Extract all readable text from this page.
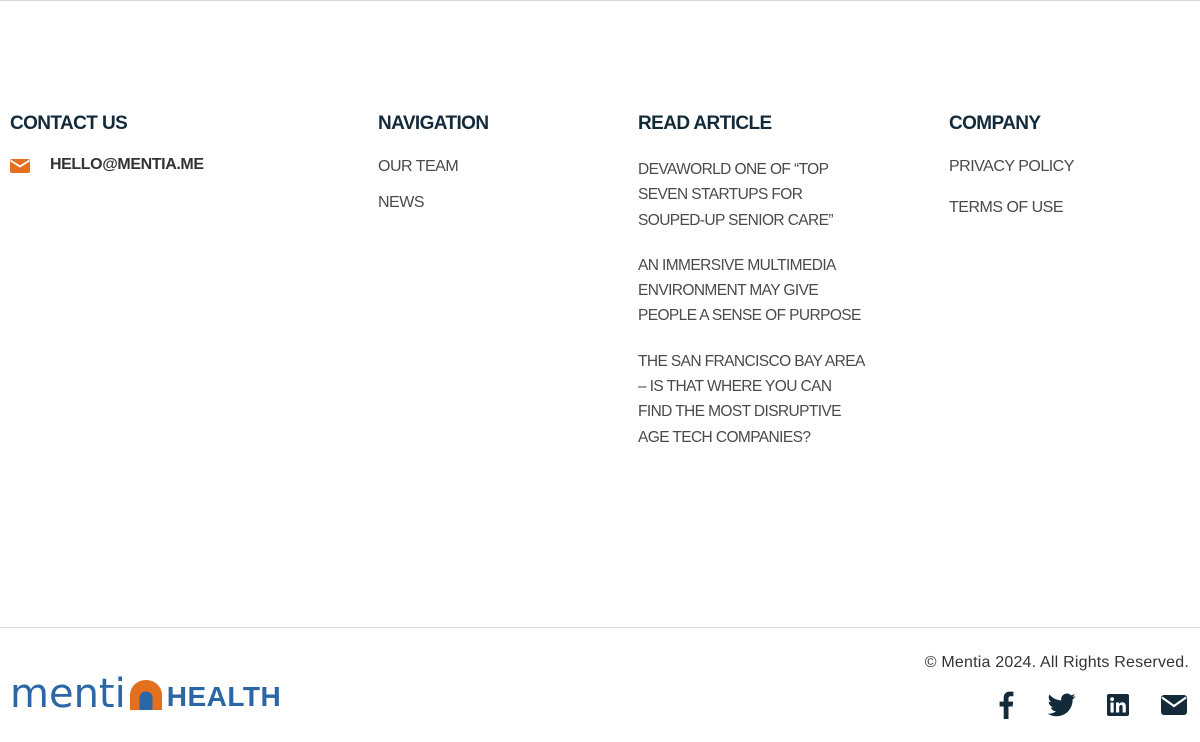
CONTACT US
HELLO@MENTIA.ME
NAVIGATION
OUR TEAM
NEWS
READ ARTICLE
DEVAWORLD ONE OF “TOP SEVEN STARTUPS FOR SOUPED-UP SENIOR CARE”
AN IMMERSIVE MULTIMEDIA ENVIRONMENT MAY GIVE PEOPLE A SENSE OF PURPOSE
THE SAN FRANCISCO BAY AREA – IS THAT WHERE YOU CAN FIND THE MOST DISRUPTIVE AGE TECH COMPANIES?
COMPANY
PRIVACY POLICY
TERMS OF USE
menti HEALTH
© Mentia 2024. All Rights Reserved.
